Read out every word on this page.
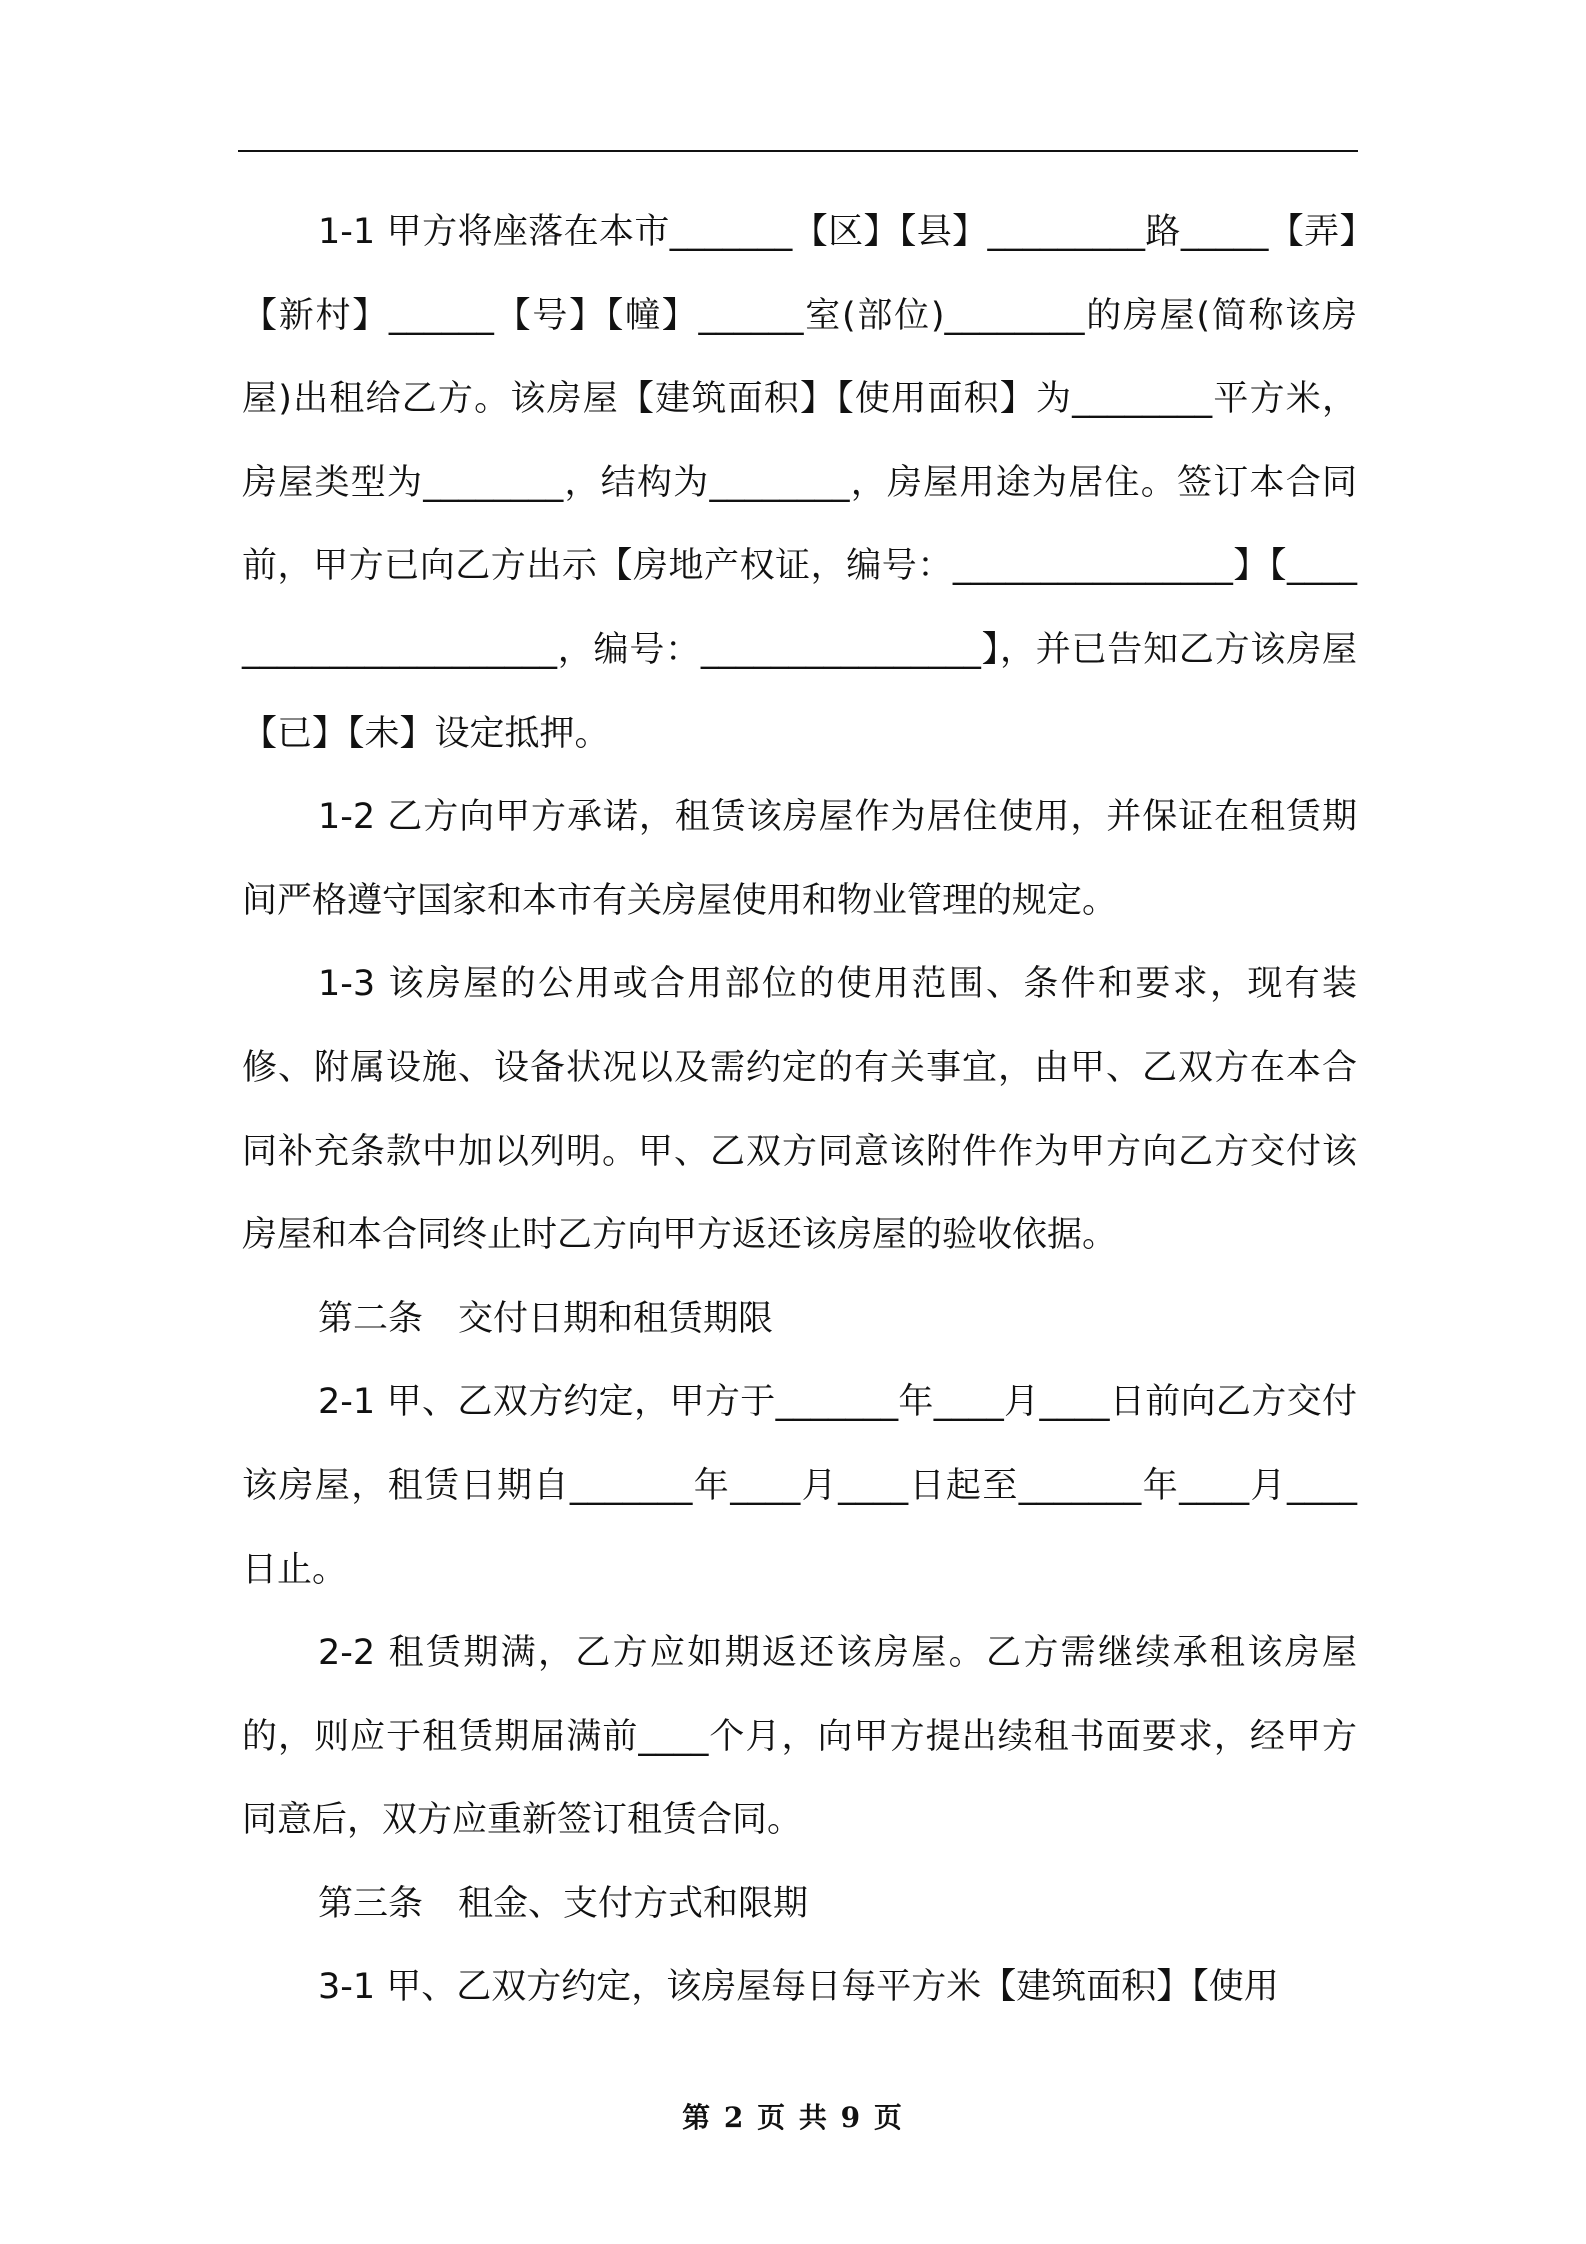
1-1 甲方将座落在本市_______【区】【县】_________路_____【弄】【新村】______【号】【幢】______室(部位)________的房屋(简称该房屋)出租给乙方。该房屋【建筑面积】【使用面积】为________平方米，房屋类型为________，结构为________，房屋用途为居住。签订本合同前，甲方已向乙方出示【房地产权证，编号：________________】【______________________，编号：________________】，并已告知乙方该房屋【已】【未】设定抵押。

1-2 乙方向甲方承诺，租赁该房屋作为居住使用，并保证在租赁期间严格遵守国家和本市有关房屋使用和物业管理的规定。

1-3 该房屋的公用或合用部位的使用范围、条件和要求，现有装修、附属设施、设备状况以及需约定的有关事宜，由甲、乙双方在本合同补充条款中加以列明。甲、乙双方同意该附件作为甲方向乙方交付该房屋和本合同终止时乙方向甲方返还该房屋的验收依据。

第二条　交付日期和租赁期限

2-1 甲、乙双方约定，甲方于_______年____月____日前向乙方交付该房屋，租赁日期自_______年____月____日起至_______年____月____日止。

2-2 租赁期满，乙方应如期返还该房屋。乙方需继续承租该房屋的，则应于租赁期届满前____个月，向甲方提出续租书面要求，经甲方同意后，双方应重新签订租赁合同。

第三条　租金、支付方式和限期

3-1 甲、乙双方约定，该房屋每日每平方米【建筑面积】【使用

第 2 页 共 9 页
